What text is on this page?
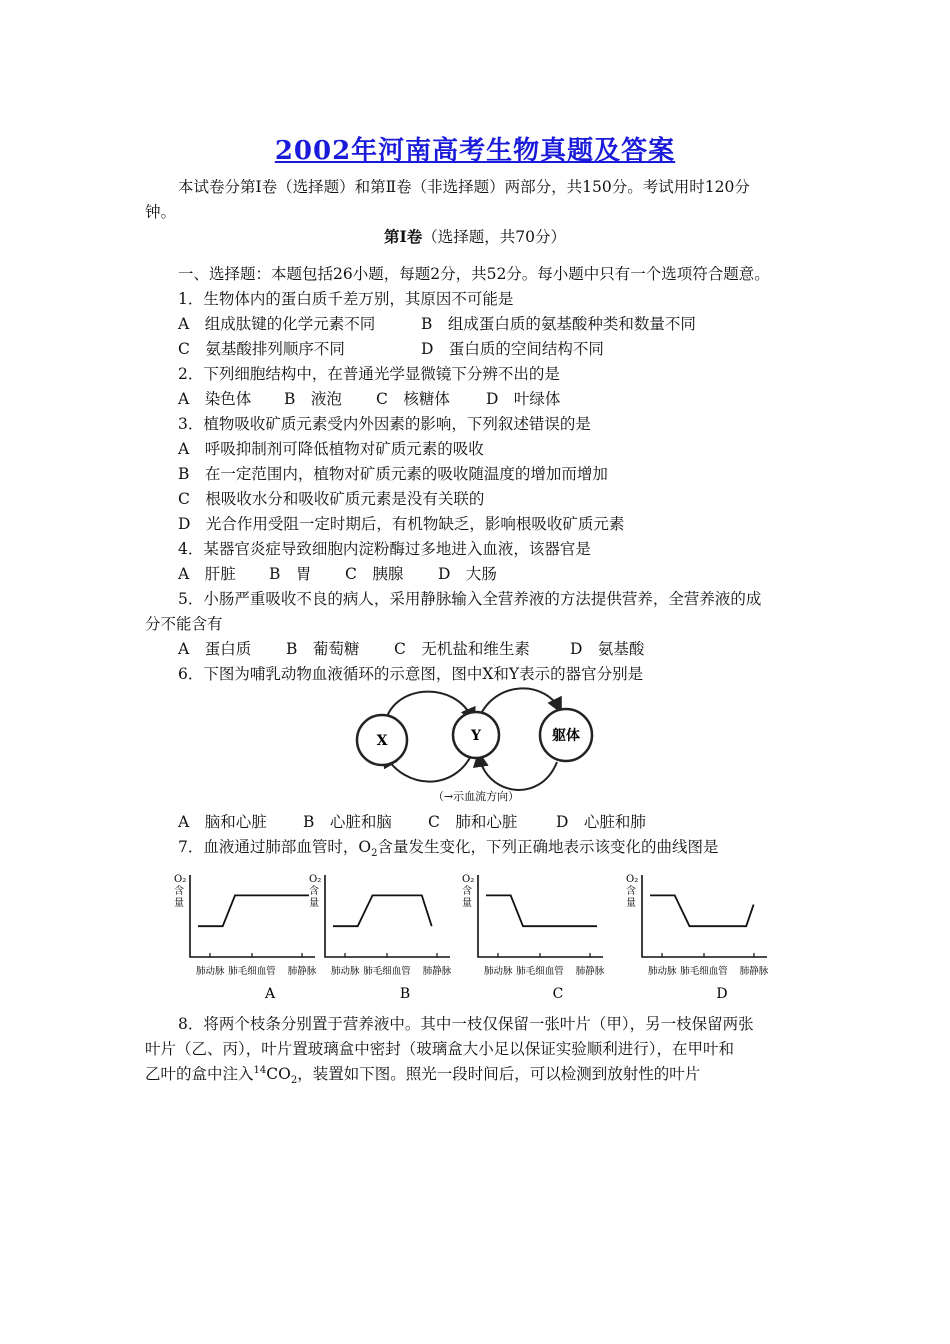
2002年河南高考生物真题及答案
本试卷分第Ⅰ卷（选择题）和第Ⅱ卷（非选择题）两部分，共150分。考试用时120分
钟。
第Ⅰ卷（选择题，共70分）
一、选择题：本题包括26小题，每题2分，共52分。每小题中只有一个选项符合题意。
1．生物体内的蛋白质千差万别，其原因不可能是
A　组成肽键的化学元素不同	B　组成蛋白质的氨基酸种类和数量不同
C　氨基酸排列顺序不同	D　蛋白质的空间结构不同
2．下列细胞结构中，在普通光学显微镜下分辨不出的是
A　染色体 B　液泡 C　核糖体 D　叶绿体
3．植物吸收矿质元素受内外因素的影响，下列叙述错误的是
A　呼吸抑制剂可降低植物对矿质元素的吸收
B　在一定范围内，植物对矿质元素的吸收随温度的增加而增加
C　根吸收水分和吸收矿质元素是没有关联的
D　光合作用受阻一定时期后，有机物缺乏，影响根吸收矿质元素
4．某器官炎症导致细胞内淀粉酶过多地进入血液，该器官是
A　肝脏 B　胃 C　胰腺 D　大肠
5．小肠严重吸收不良的病人，采用静脉输入全营养液的方法提供营养，全营养液的成
分不能含有
A　蛋白质 B　葡萄糖 C　无机盐和维生素	D　氨基酸
6．下图为哺乳动物血液循环的示意图，图中X和Y表示的器官分别是
X	Y	躯体
（→示血流方向）
A　脑和心脏 B　心脏和脑 C　肺和心脏 D　心脏和肺
7．血液通过肺部血管时，$O_2$含量发生变化，下列正确地表示该变化的曲线图是
O₂
含
量
肺动脉 肺毛细血管 肺静脉
A
O₂
含
量
肺动脉 肺毛细血管 肺静脉
B
O₂
含
量
肺动脉 肺毛细血管 肺静脉
C
O₂
含
量
肺动脉 肺毛细血管 肺静脉
D
8．将两个枝条分别置于营养液中。其中一枝仅保留一张叶片（甲），另一枝保留两张
叶片（乙、丙），叶片置玻璃盒中密封（玻璃盒大小足以保证实验顺利进行），在甲叶和
乙叶的盒中注入$^{14}CO_2$，装置如下图。照光一段时间后，可以检测到放射性的叶片
